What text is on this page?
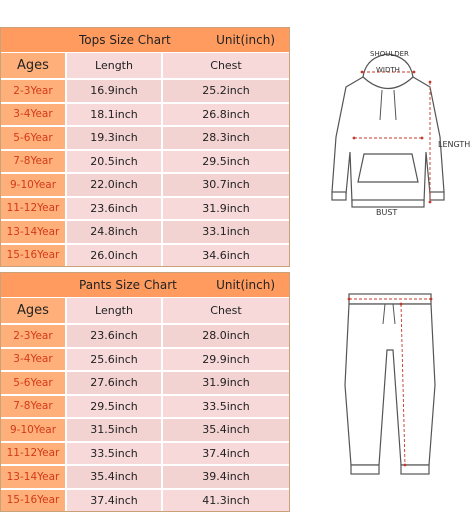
Tops Size Chart	Unit(inch)
Ages	Length	Chest
2-3Year	16.9inch	25.2inch
3-4Year	18.1inch	26.8inch
5-6Year	19.3inch	28.3inch
7-8Year	20.5inch	29.5inch
9-10Year	22.0inch	30.7inch
11-12Year	23.6inch	31.9inch
13-14Year	24.8inch	33.1inch
15-16Year	26.0inch	34.6inch
Pants Size Chart	Unit(inch)
Ages	Length	Chest
2-3Year	23.6inch	28.0inch
3-4Year	25.6inch	29.9inch
5-6Year	27.6inch	31.9inch
7-8Year	29.5inch	33.5inch
9-10Year	31.5inch	35.4inch
11-12Year	33.5inch	37.4inch
13-14Year	35.4inch	39.4inch
15-16Year	37.4inch	41.3inch
SHOULDER
WIDTH
LENGTH
BUST
